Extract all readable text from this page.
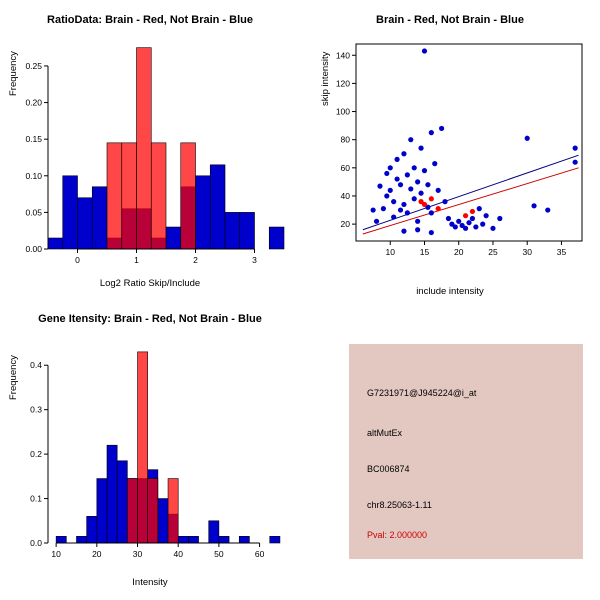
RatioData: Brain - Red, Not Brain - Blue
0.00
0.05
0.10
0.15
0.20
0.25
0	1	2	3
Log2 Ratio Skip/Include
Frequency
Brain - Red, Not Brain - Blue
20
40
60
80
100
120
140
10	15	20	25	30	35
include intensity
skip intensity
Gene Itensity: Brain - Red, Not Brain - Blue
0.0
0.1
0.2
0.3
0.4
10	20	30	40	50	60
Intensity
Frequency	G7231971@J945224@i_at
altMutEx
BC006874
chr8.25063-1.11
Pval: 2.000000
